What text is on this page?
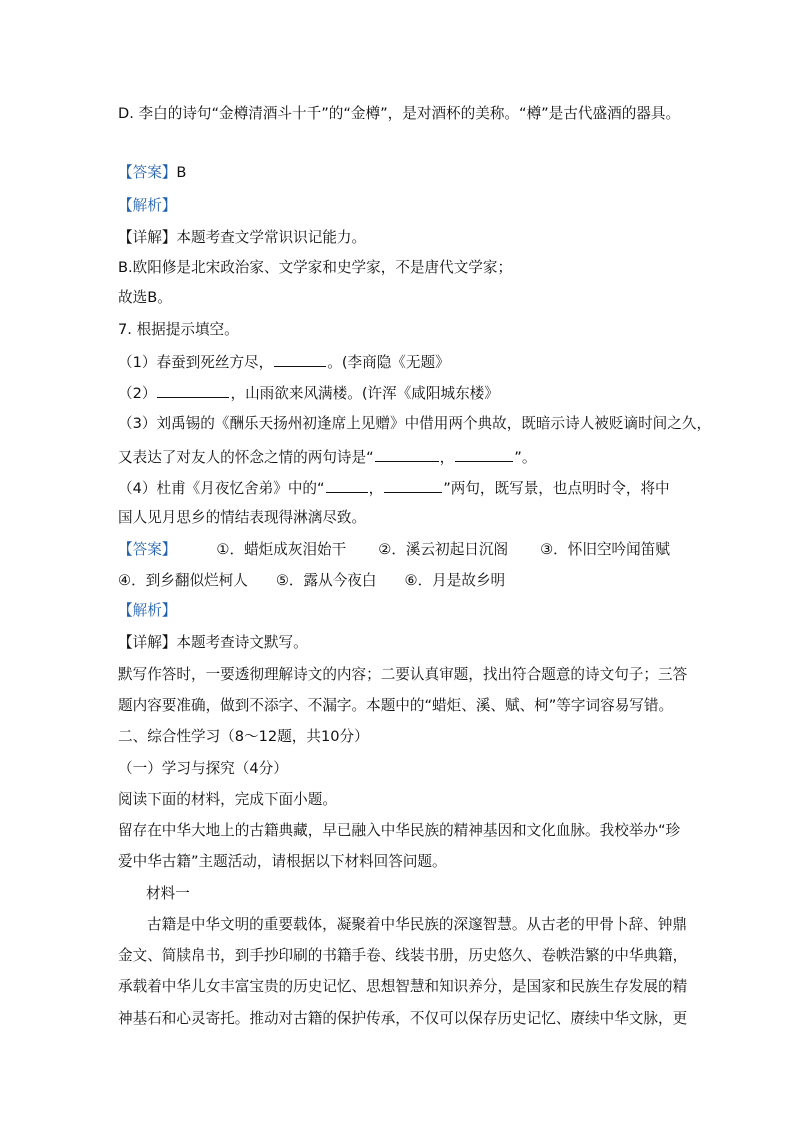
D. 李白的诗句“金樽清酒斗十千”的“金樽”，是对酒杯的美称。“樽”是古代盛酒的器具。
【答案】B
【解析】
【详解】本题考查文学常识识记能力。
B.欧阳修是北宋政治家、文学家和史学家，不是唐代文学家；
故选B。
7. 根据提示填空。
（1）春蚕到死丝方尽，	。(李商隐《无题》
（2）	，山雨欲来风满楼。(许浑《咸阳城东楼》
（3）刘禹锡的《酬乐天扬州初逢席上见赠》中借用两个典故，既暗示诗人被贬谪时间之久，
又表达了对友人的怀念之情的两句诗是“	，	”。
（4）杜甫《月夜忆舍弟》中的“	，	”两句，既写景，也点明时令，将中
国人见月思乡的情结表现得淋漓尽致。
【答案】	①．蜡炬成灰泪始干 ②．溪云初起日沉阁 ③．怀旧空吟闻笛赋
④．到乡翻似烂柯人 ⑤．露从今夜白 ⑥．月是故乡明
【解析】
【详解】本题考查诗文默写。
默写作答时，一要透彻理解诗文的内容；二要认真审题，找出符合题意的诗文句子；三答
题内容要准确，做到不添字、不漏字。本题中的“蜡炬、溪、赋、柯”等字词容易写错。
二、综合性学习（8～12题，共10分）
（一）学习与探究（4分）
阅读下面的材料，完成下面小题。
留存在中华大地上的古籍典藏，早已融入中华民族的精神基因和文化血脉。我校举办“珍
爱中华古籍”主题活动，请根据以下材料回答问题。
材料一
古籍是中华文明的重要载体，凝聚着中华民族的深邃智慧。从古老的甲骨卜辞、钟鼎
金文、简牍帛书，到手抄印刷的书籍手卷、线装书册，历史悠久、卷帙浩繁的中华典籍，
承载着中华儿女丰富宝贵的历史记忆、思想智慧和知识养分，是国家和民族生存发展的精
神基石和心灵寄托。推动对古籍的保护传承，不仅可以保存历史记忆、赓续中华文脉，更
